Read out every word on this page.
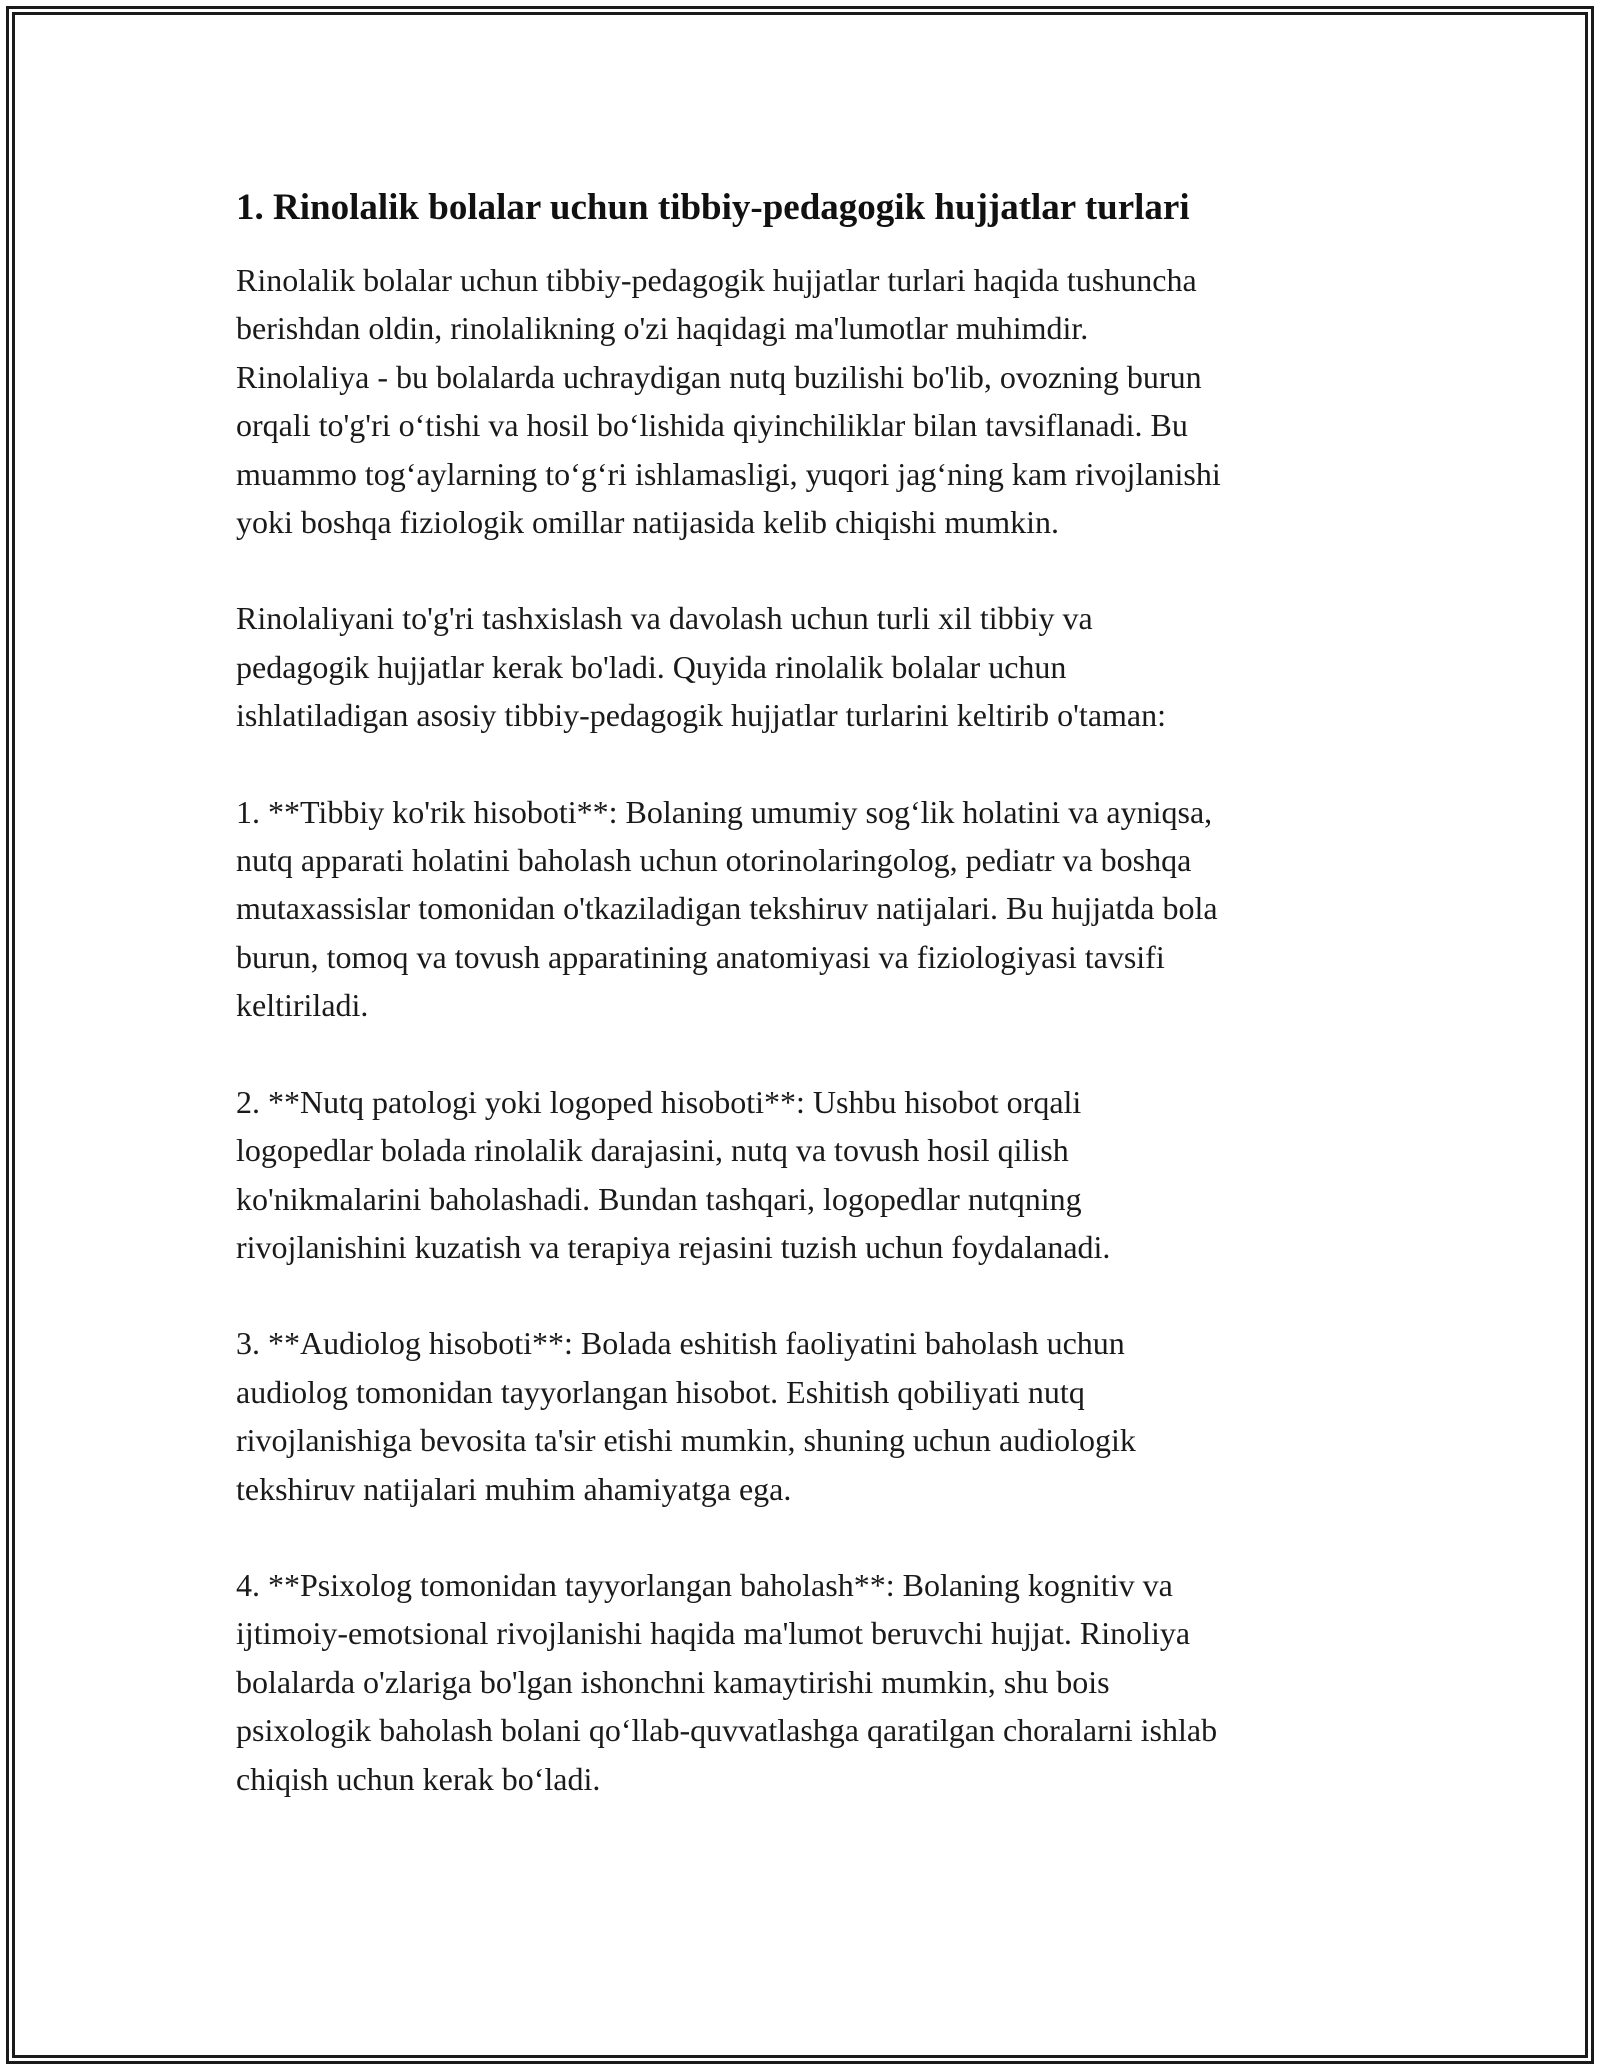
1. Rinolalik bolalar uchun tibbiy-pedagogik hujjatlar turlari

Rinolalik bolalar uchun tibbiy-pedagogik hujjatlar turlari haqida tushuncha
berishdan oldin, rinolalikning o'zi haqidagi ma'lumotlar muhimdir.
Rinolaliya - bu bolalarda uchraydigan nutq buzilishi bo'lib, ovozning burun
orqali to'g'ri o‘tishi va hosil bo‘lishida qiyinchiliklar bilan tavsiflanadi. Bu
muammo tog‘aylarning to‘g‘ri ishlamasligi, yuqori jag‘ning kam rivojlanishi
yoki boshqa fiziologik omillar natijasida kelib chiqishi mumkin.

Rinolaliyani to'g'ri tashxislash va davolash uchun turli xil tibbiy va
pedagogik hujjatlar kerak bo'ladi. Quyida rinolalik bolalar uchun
ishlatiladigan asosiy tibbiy-pedagogik hujjatlar turlarini keltirib o'taman:

1. **Tibbiy ko'rik hisoboti**: Bolaning umumiy sog‘lik holatini va ayniqsa,
nutq apparati holatini baholash uchun otorinolaringolog, pediatr va boshqa
mutaxassislar tomonidan o'tkaziladigan tekshiruv natijalari. Bu hujjatda bola
burun, tomoq va tovush apparatining anatomiyasi va fiziologiyasi tavsifi
keltiriladi.

2. **Nutq patologi yoki logoped hisoboti**: Ushbu hisobot orqali
logopedlar bolada rinolalik darajasini, nutq va tovush hosil qilish
ko'nikmalarini baholashadi. Bundan tashqari, logopedlar nutqning
rivojlanishini kuzatish va terapiya rejasini tuzish uchun foydalanadi.

3. **Audiolog hisoboti**: Bolada eshitish faoliyatini baholash uchun
audiolog tomonidan tayyorlangan hisobot. Eshitish qobiliyati nutq
rivojlanishiga bevosita ta'sir etishi mumkin, shuning uchun audiologik
tekshiruv natijalari muhim ahamiyatga ega.

4. **Psixolog tomonidan tayyorlangan baholash**: Bolaning kognitiv va
ijtimoiy-emotsional rivojlanishi haqida ma'lumot beruvchi hujjat. Rinoliya
bolalarda o'zlariga bo'lgan ishonchni kamaytirishi mumkin, shu bois
psixologik baholash bolani qo‘llab-quvvatlashga qaratilgan choralarni ishlab
chiqish uchun kerak bo‘ladi.
